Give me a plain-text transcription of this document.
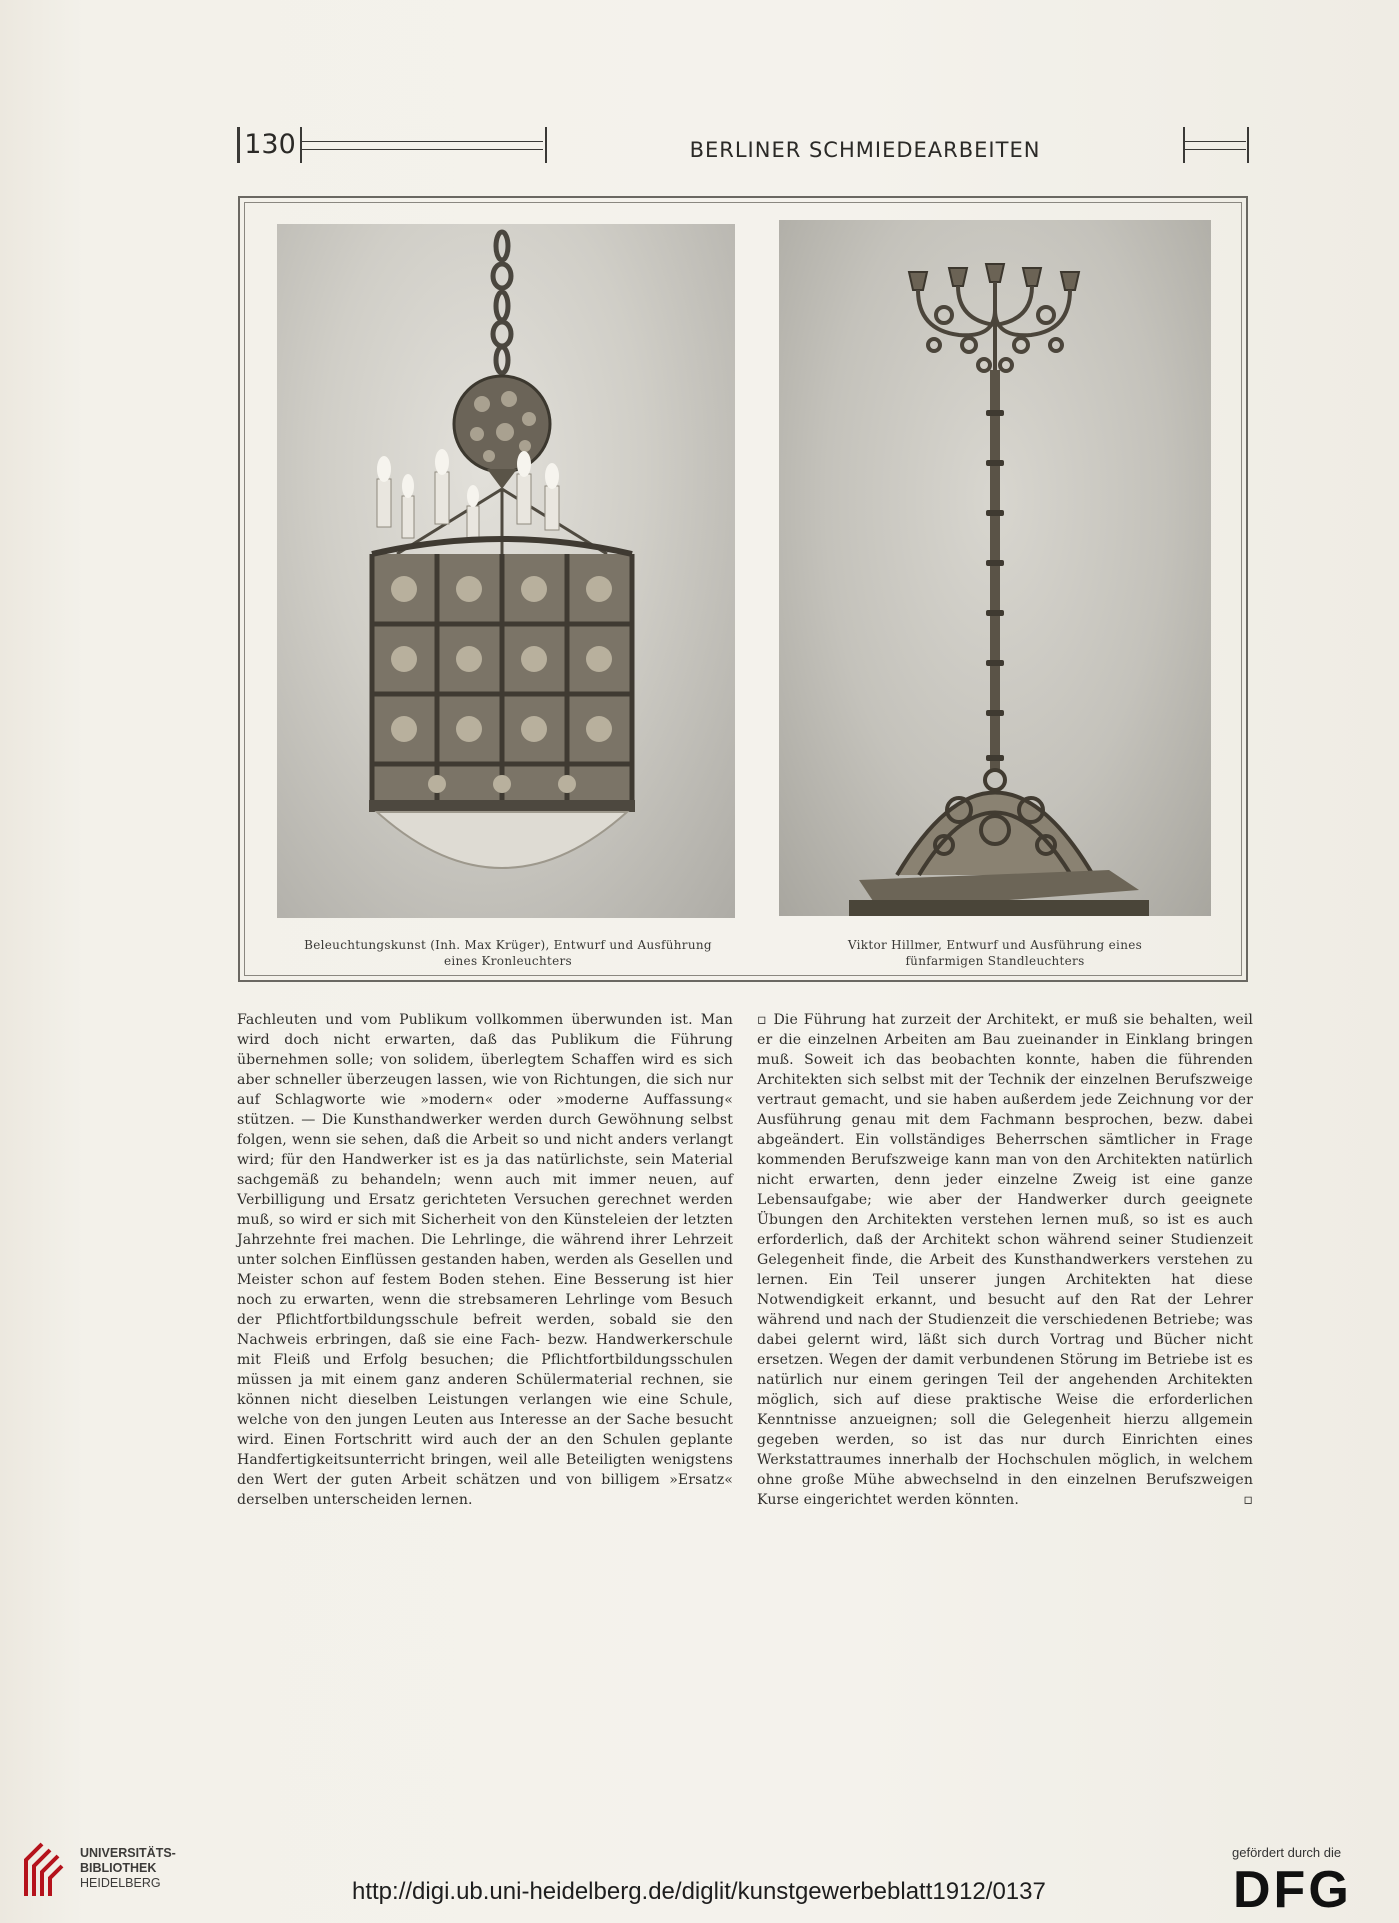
130	BERLINER SCHMIEDEARBEITEN
Beleuchtungskunst (Inh. Max Krüger), Entwurf und Ausführung
eines Kronleuchters
Viktor Hillmer, Entwurf und Ausführung eines
fünfarmigen Standleuchters

Fachleuten und vom Publikum vollkommen überwunden ist. Man wird doch nicht erwarten, daß das Publikum die Führung übernehmen solle; von solidem, überlegtem Schaffen wird es sich aber schneller überzeugen lassen, wie von Richtungen, die sich nur auf Schlagworte wie »modern« oder »moderne Auffassung« stützen. — Die Kunsthandwerker werden durch Gewöhnung selbst folgen, wenn sie sehen, daß die Arbeit so und nicht anders verlangt wird; für den Handwerker ist es ja das natürlichste, sein Material sachgemäß zu behandeln; wenn auch mit immer neuen, auf Verbilligung und Ersatz gerichteten Versuchen gerechnet werden muß, so wird er sich mit Sicherheit von den Künsteleien der letzten Jahrzehnte frei machen. Die Lehrlinge, die während ihrer Lehrzeit unter solchen Einflüssen gestanden haben, werden als Gesellen und Meister schon auf festem Boden stehen. Eine Besserung ist hier noch zu erwarten, wenn die strebsameren Lehrlinge vom Besuch der Pflichtfortbildungsschule befreit werden, sobald sie den Nachweis erbringen, daß sie eine Fach- bezw. Handwerkerschule mit Fleiß und Erfolg besuchen; die Pflichtfortbildungsschulen müssen ja mit einem ganz anderen Schülermaterial rechnen, sie können nicht dieselben Leistungen verlangen wie eine Schule, welche von den jungen Leuten aus Interesse an der Sache besucht wird. Einen Fortschritt wird auch der an den Schulen geplante Handfertigkeitsunterricht bringen, weil alle Beteiligten wenigstens den Wert der guten Arbeit schätzen und von billigem »Ersatz« derselben unterscheiden lernen.

▫ Die Führung hat zurzeit der Architekt, er muß sie behalten, weil er die einzelnen Arbeiten am Bau zueinander in Einklang bringen muß. Soweit ich das beobachten konnte, haben die führenden Architekten sich selbst mit der Technik der einzelnen Berufszweige vertraut gemacht, und sie haben außerdem jede Zeichnung vor der Ausführung genau mit dem Fachmann besprochen, bezw. dabei abgeändert. Ein vollständiges Beherrschen sämtlicher in Frage kommenden Berufszweige kann man von den Architekten natürlich nicht erwarten, denn jeder einzelne Zweig ist eine ganze Lebensaufgabe; wie aber der Handwerker durch geeignete Übungen den Architekten verstehen lernen muß, so ist es auch erforderlich, daß der Architekt schon während seiner Studienzeit Gelegenheit finde, die Arbeit des Kunsthandwerkers verstehen zu lernen. Ein Teil unserer jungen Architekten hat diese Notwendigkeit erkannt, und besucht auf den Rat der Lehrer während und nach der Studienzeit die verschiedenen Betriebe; was dabei gelernt wird, läßt sich durch Vortrag und Bücher nicht ersetzen. Wegen der damit verbundenen Störung im Betriebe ist es natürlich nur einem geringen Teil der angehenden Architekten möglich, sich auf diese praktische Weise die erforderlichen Kenntnisse anzueignen; soll die Gelegenheit hierzu allgemein gegeben werden, so ist das nur durch Einrichten eines Werkstattraumes innerhalb der Hochschulen möglich, in welchem ohne große Mühe abwechselnd in den einzelnen Berufszweigen Kurse eingerichtet werden könnten.	▫

UNIVERSITÄTS-
BIBLIOTHEK
HEIDELBERG	http://digi.ub.uni-heidelberg.de/diglit/kunstgewerbeblatt1912/0137
gefördert durch die
DFG
